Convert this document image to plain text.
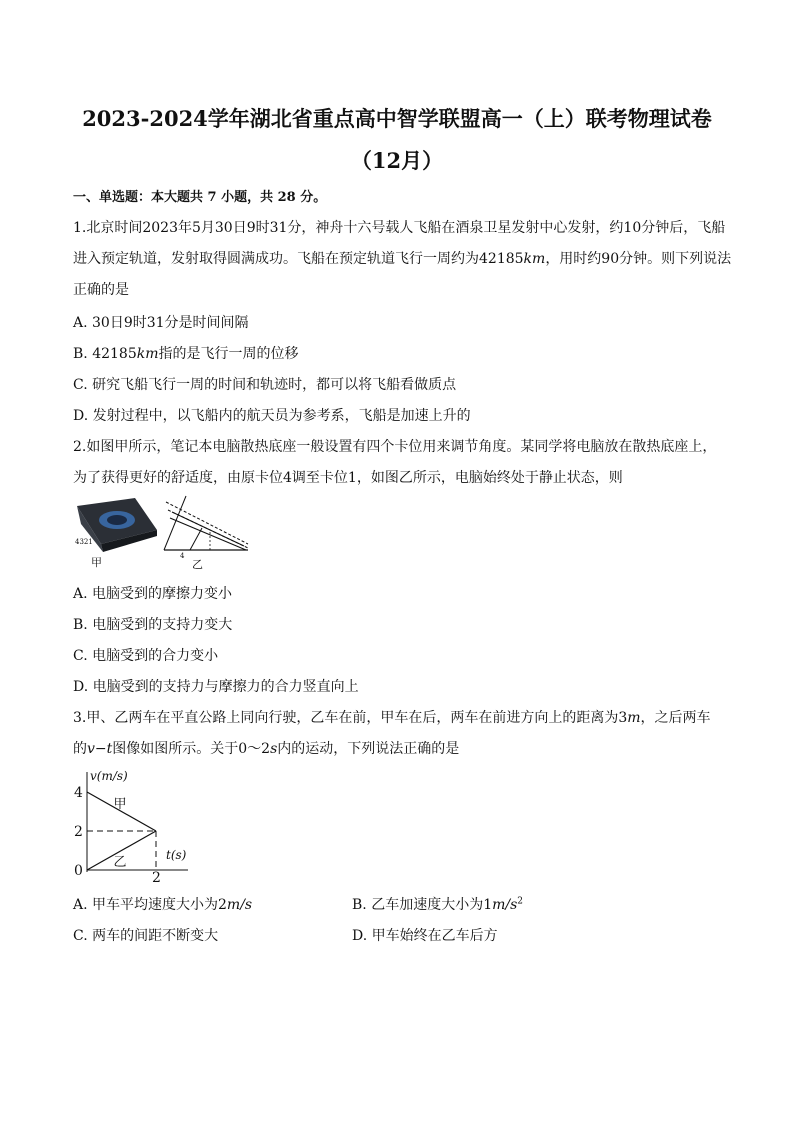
2023-2024学年湖北省重点高中智学联盟高一（上）联考物理试卷
（12月）
一、单选题：本大题共 7 小题，共 28 分。
1.北京时间2023年5月30日9时31分，神舟十六号载人飞船在酒泉卫星发射中心发射，约10分钟后，飞船
进入预定轨道，发射取得圆满成功。飞船在预定轨道飞行一周约为42185km，用时约90分钟。则下列说法
正确的是
A. 30日9时31分是时间间隔
B. 42185km指的是飞行一周的位移
C. 研究飞船飞行一周的时间和轨迹时，都可以将飞船看做质点
D. 发射过程中，以飞船内的航天员为参考系，飞船是加速上升的
2.如图甲所示，笔记本电脑散热底座一般设置有四个卡位用来调节角度。某同学将电脑放在散热底座上，
为了获得更好的舒适度，由原卡位4调至卡位1，如图乙所示，电脑始终处于静止状态，则
4321
甲	4
乙
A. 电脑受到的摩擦力变小
B. 电脑受到的支持力变大
C. 电脑受到的合力变小
D. 电脑受到的支持力与摩擦力的合力竖直向上
3.甲、乙两车在平直公路上同向行驶，乙车在前，甲车在后，两车在前进方向上的距离为3m，之后两车
的v−t图像如图所示。关于0～2s内的运动，下列说法正确的是
甲
乙
v(m/s)
t(s)
4
2
0	2
A. 甲车平均速度大小为2m/s	B. 乙车加速度大小为$1m/s^2$
C. 两车的间距不断变大	D. 甲车始终在乙车后方
